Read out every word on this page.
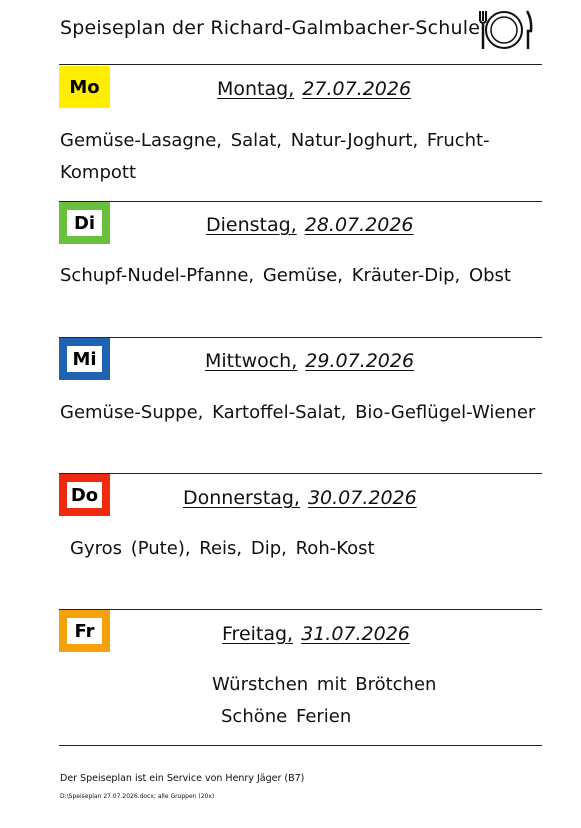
Speiseplan der Richard-Galmbacher-Schule
Mo	Montag, 27.07.2026
Gemüse-Lasagne, Salat, Natur-Joghurt, Frucht-
Kompott
Di	Dienstag, 28.07.2026
Schupf-Nudel-Pfanne, Gemüse, Kräuter-Dip, Obst
Mi	Mittwoch, 29.07.2026
Gemüse-Suppe, Kartoffel-Salat, Bio-Geflügel-Wiener
Do	Donnerstag, 30.07.2026
Gyros (Pute), Reis, Dip, Roh-Kost
Fr	Freitag, 31.07.2026
Würstchen mit Brötchen
Schöne Ferien
Der Speiseplan ist ein Service von Henry Jäger (B7)
D:\Speiseplan 27.07.2026.docx; alle Gruppen (20x)
